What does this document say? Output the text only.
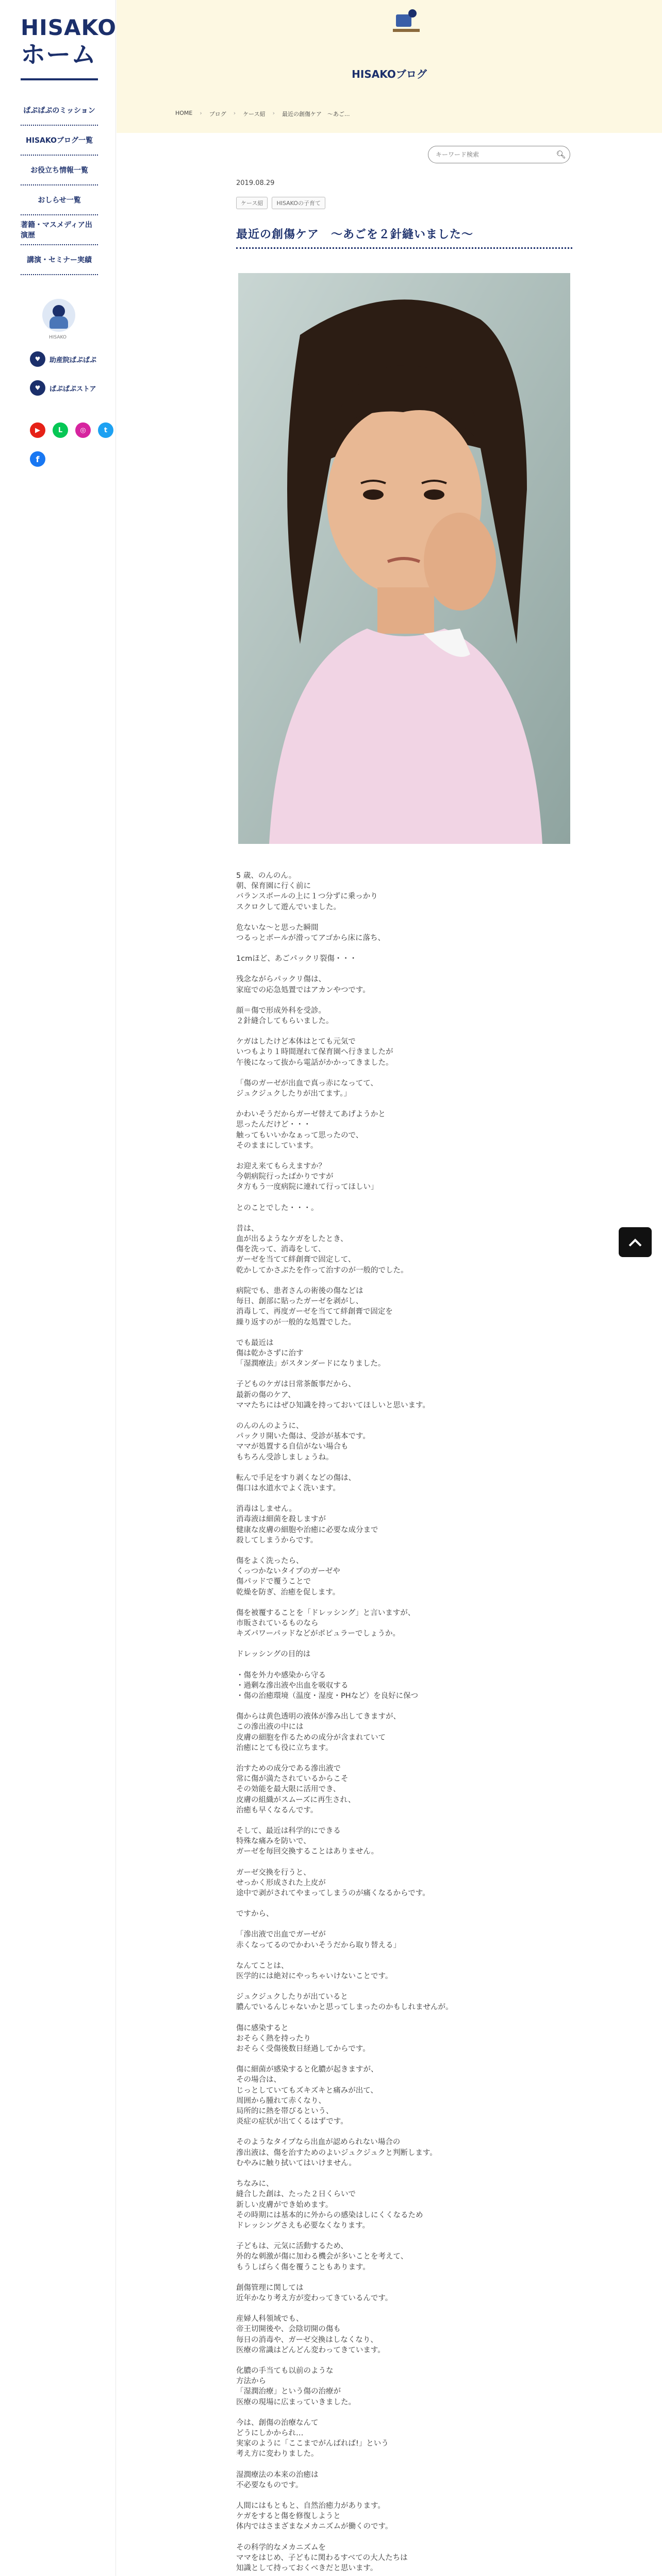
HISAKO
ホーム
ぱぷぱぷのミッション
HISAKOブログ一覧
お役立ち情報一覧
おしらせ一覧
著籍・マスメディア出演歴
講演・セミナー実績
HISAKO
♥	助産院ぱぷぱぷ
♥	ぱぷぱぷストア
▶	L	◎	t
f
HISAKOブログ
HOME › ブログ › ケース紹 › 最近の創傷ケア　～あご...
キーワード検索
🔍︎
2019.08.29
ケース紹	HISAKOの子育て
最近の創傷ケア　～あごを２針縫いました～

5 歳、のんのん。
朝、保育園に行く前に
バランスボールの上に１つ分ずに乗っかり
スクロクして遊んでいました。

危ないな～と思った瞬間
つるっとボールが滑ってアゴから床に落ち、

1cmほど、あごパックリ裂傷・・・

残念ながらパックリ傷は、
家庭での応急処置ではアカンやつです。

顔＝傷で形成外科を受診。
２針縫合してもらいました。

ケガはしたけど本体はとても元気で
いつもより１時間遅れて保育園へ行きましたが
午後になって抜から電話がかかってきました。

「傷のガーゼが出血で真っ赤になってて、
ジュクジュクしたりが出てます。」

かわいそうだからガーゼ替えてあげようかと
思ったんだけど・・・
触ってもいいかなぁって思ったので、
そのままにしています。

お迎え来てもらえますか？
今朝病院行ったばかりですが
タ方もう一度病院に連れて行ってほしい」

とのことでした・・・。

昔は、
血が出るようなケガをしたとき、
傷を洗って、消毒をして、
ガーゼを当てて絆創膏で固定して、
乾かしてかさぶたを作って治すのが一般的でした。

病院でも、患者さんの術後の傷などは
毎日、創部に貼ったガーゼを剥がし、
消毒して、再度ガーゼを当てて絆創膏で固定を
繰り返すのが一般的な処置でした。

でも最近は
傷は乾かさずに治す
「湿潤療法」がスタンダードになりました。

子どものケガは日常茶飯事だから、
最新の傷のケア、
ママたちにはぜひ知識を持っておいてほしいと思います。

のんのんのように、
パックリ開いた傷は、受診が基本です。
ママが処置する自信がない場合も
もちろん受診しましょうね。

転んで手足をすり剥くなどの傷は、
傷口は水道水でよく洗います。

消毒はしません。
消毒液は細菌を殺しますが
健康な皮膚の細胞や治癒に必要な成分まで
殺してしまうからです。

傷をよく洗ったら、
くっつかないタイプのガーゼや
傷パッドで覆うことで
乾燥を防ぎ、治癒を促します。

傷を被覆することを「ドレッシング」と言いますが、
市販されているものなら
キズパワーパッドなどがポピュラーでしょうか。

ドレッシングの目的は

・傷を外力や感染から守る
・過剰な滲出液や出血を吸収する
・傷の治癒環境（温度・湿度・PHなど）を良好に保つ

傷からは黄色透明の液体が滲み出してきますが、
この滲出液の中には
皮膚の細胞を作るための成分が含まれていて
治癒にとても役に立ちます。

治すための成分である滲出液で
常に傷が満たされているからこそ
その効能を最大限に活用でき、
皮膚の組織がスムーズに再生され、
治癒も早くなるんです。

そして、最近は科学的にできる
特殊な痛みを防いで、
ガーゼを毎回交換することはありません。

ガーゼ交換を行うと、
せっかく形成された上皮が
途中で剥がされてやまってしまうのが痛くなるからです。

ですから、

「滲出液で出血でガーゼが
赤くなってるのでかわいそうだから取り替える」

なんてことは、
医学的には絶対にやっちゃいけないことです。

ジュクジュクしたりが出ていると
膿んでいるんじゃないかと思ってしまったのかもしれませんが。

傷に感染すると
おそらく熱を持ったり
おそらく受傷後数日経過してからです。

傷に細菌が感染すると化膿が起きますが、
その場合は、
じっとしていてもズキズキと痛みが出て、
周囲から腫れて赤くなり、
局所的に熱を帯びるという、
炎症の症状が出てくるはずです。

そのようなタイプなら出血が認められない場合の
滲出液は、傷を治すためのよいジュクジュクと判断します。
むやみに触り拭いてはいけません。

ちなみに、
縫合した創は、たった２日くらいで
新しい皮膚ができ始めます。
その時期には基本的に外からの感染はしにくくなるため
ドレッシングさえも必要なくなります。

子どもは、元気に活動するため、
外的な刺激が傷に加わる機会が多いことを考えて、
もうしばらく傷を覆うこともあります。

創傷管理に関しては
近年かなり考え方が変わってきているんです。

産婦人科領域でも、
帝王切開後や、会陰切開の傷も
毎日の消毒や、ガーゼ交換はしなくなり、
医療の常識はどんどん変わってきています。

化膿の手当ても以前のような
方法から
「湿潤治療」という傷の治療が
医療の現場に広まっていきました。

今は、創傷の治療なんて
どうにしかかられ…
実家のように「ここまでがんばれば!」という
考え方に変わりました。

湿潤療法の本来の治癒は
不必要なものです。

人間にはもともと、自然治癒力があります。
ケガをすると傷を修復しようと
体内ではさまざまなメカニズムが働くのです。

その科学的なメカニズムを
ママをはじめ、子どもに関わるすべての大人たちは
知識として持っておくべきだと思います。
